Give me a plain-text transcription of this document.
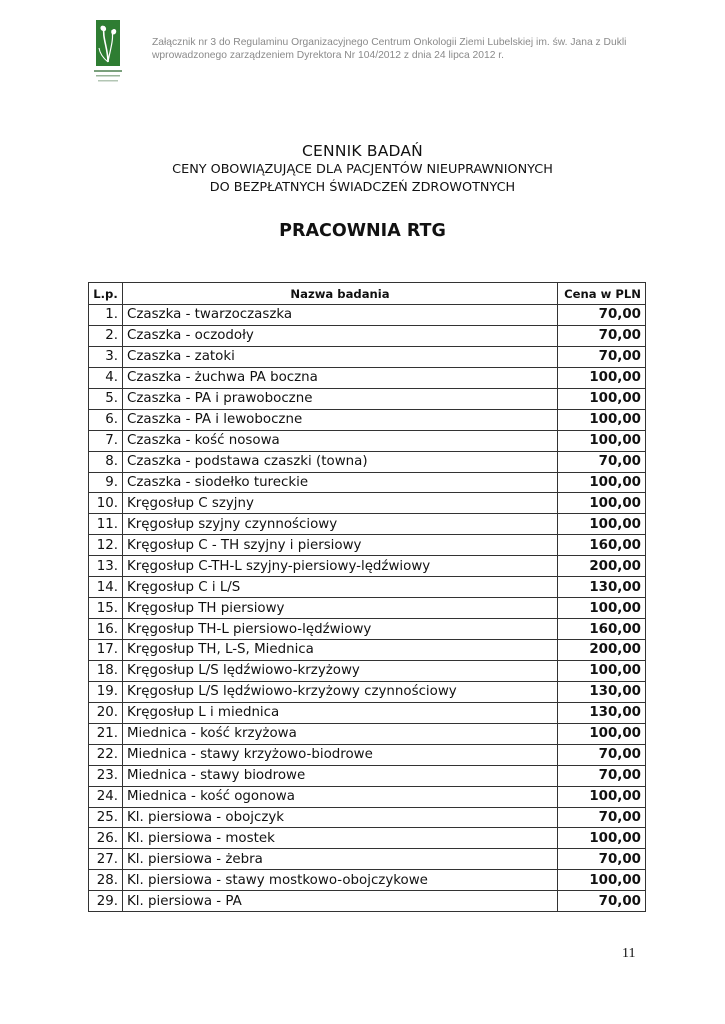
Załącznik nr 3 do Regulaminu Organizacyjnego Centrum Onkologii Ziemi Lubelskiej im. św. Jana z Dukli
wprowadzonego zarządzeniem Dyrektora Nr 104/2012 z dnia 24 lipca 2012 r.
CENNIK BADAŃ
CENY OBOWIĄZUJĄCE DLA PACJENTÓW NIEUPRAWNIONYCH
DO BEZPŁATNYCH ŚWIADCZEŃ ZDROWOTNYCH
PRACOWNIA RTG
L.p.	Nazwa badania	Cena w PLN
1.	Czaszka - twarzoczaszka	70,00
2.	Czaszka - oczodoły	70,00
3.	Czaszka - zatoki	70,00
4.	Czaszka - żuchwa PA boczna	100,00
5.	Czaszka - PA i prawoboczne	100,00
6.	Czaszka - PA i lewoboczne	100,00
7.	Czaszka - kość nosowa	100,00
8.	Czaszka - podstawa czaszki (towna)	70,00
9.	Czaszka - siodełko tureckie	100,00
10.	Kręgosłup C szyjny	100,00
11.	Kręgosłup szyjny czynnościowy	100,00
12.	Kręgosłup C - TH szyjny i piersiowy	160,00
13.	Kręgosłup C-TH-L szyjny-piersiowy-lędźwiowy	200,00
14.	Kręgosłup C i L/S	130,00
15.	Kręgosłup TH piersiowy	100,00
16.	Kręgosłup TH-L piersiowo-lędźwiowy	160,00
17.	Kręgosłup TH, L-S, Miednica	200,00
18.	Kręgosłup L/S lędźwiowo-krzyżowy	100,00
19.	Kręgosłup L/S lędźwiowo-krzyżowy czynnościowy	130,00
20.	Kręgosłup L i miednica	130,00
21.	Miednica - kość krzyżowa	100,00
22.	Miednica - stawy krzyżowo-biodrowe	70,00
23.	Miednica - stawy biodrowe	70,00
24.	Miednica - kość ogonowa	100,00
25.	Kl. piersiowa - obojczyk	70,00
26.	Kl. piersiowa - mostek	100,00
27.	Kl. piersiowa - żebra	70,00
28.	Kl. piersiowa - stawy mostkowo-obojczykowe	100,00
29.	Kl. piersiowa - PA	70,00
11
